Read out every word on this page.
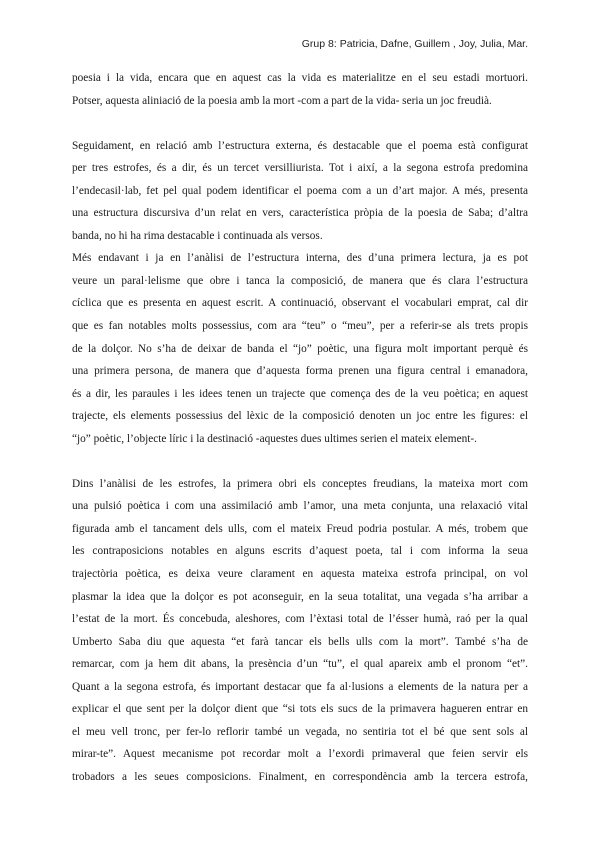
Grup 8: Patricia, Dafne, Guillem , Joy, Julia, Mar.
poesia i la vida, encara que en aquest cas la vida es materialitze en el seu estadi mortuori.
Potser, aquesta aliniació de la poesia amb la mort -com a part de la vida- seria un joc freudià.
Seguidament, en relació amb l’estructura externa, és destacable que el poema està configurat
per tres estrofes, és a dir, és un tercet versilliurista. Tot i així, a la segona estrofa predomina
l’endecasil·lab, fet pel qual podem identificar el poema com a un d’art major. A més, presenta
una estructura discursiva d’un relat en vers, característica pròpia de la poesia de Saba; d’altra
banda, no hi ha rima destacable i continuada als versos.
Més endavant i ja en l’anàlisi de l’estructura interna, des d’una primera lectura, ja es pot
veure un paral·lelisme que obre i tanca la composició, de manera que és clara l’estructura
cíclica que es presenta en aquest escrit. A continuació, observant el vocabulari emprat, cal dir
que es fan notables molts possessius, com ara “teu” o “meu”, per a referir-se als trets propis
de la dolçor. No s’ha de deixar de banda el “jo” poètic, una figura molt important perquè és
una primera persona, de manera que d’aquesta forma prenen una figura central i emanadora,
és a dir, les paraules i les idees tenen un trajecte que comença des de la veu poètica; en aquest
trajecte, els elements possessius del lèxic de la composició denoten un joc entre les figures: el
“jo” poètic, l’objecte líric i la destinació -aquestes dues ultimes serien el mateix element-.
Dins l’anàlisi de les estrofes, la primera obri els conceptes freudians, la mateixa mort com
una pulsió poètica i com una assimilació amb l’amor, una meta conjunta, una relaxació vital
figurada amb el tancament dels ulls, com el mateix Freud podria postular. A més, trobem que
les contraposicions notables en alguns escrits d’aquest poeta, tal i com informa la seua
trajectòria poètica, es deixa veure clarament en aquesta mateixa estrofa principal, on vol
plasmar la idea que la dolçor es pot aconseguir, en la seua totalitat, una vegada s’ha arribar a
l’estat de la mort. És concebuda, aleshores, com l’èxtasi total de l’ésser humà, raó per la qual
Umberto Saba diu que aquesta “et farà tancar els bells ulls com la mort”. També s’ha de
remarcar, com ja hem dit abans, la presència d’un “tu”, el qual apareix amb el pronom “et”.
Quant a la segona estrofa, és important destacar que fa al·lusions a elements de la natura per a
explicar el que sent per la dolçor dient que “si tots els sucs de la primavera hagueren entrar en
el meu vell tronc, per fer-lo reflorir també un vegada, no sentiria tot el bé que sent sols al
mirar-te”. Aquest mecanisme pot recordar molt a l’exordi primaveral que feien servir els
trobadors a les seues composicions. Finalment, en correspondència amb la tercera estrofa,
